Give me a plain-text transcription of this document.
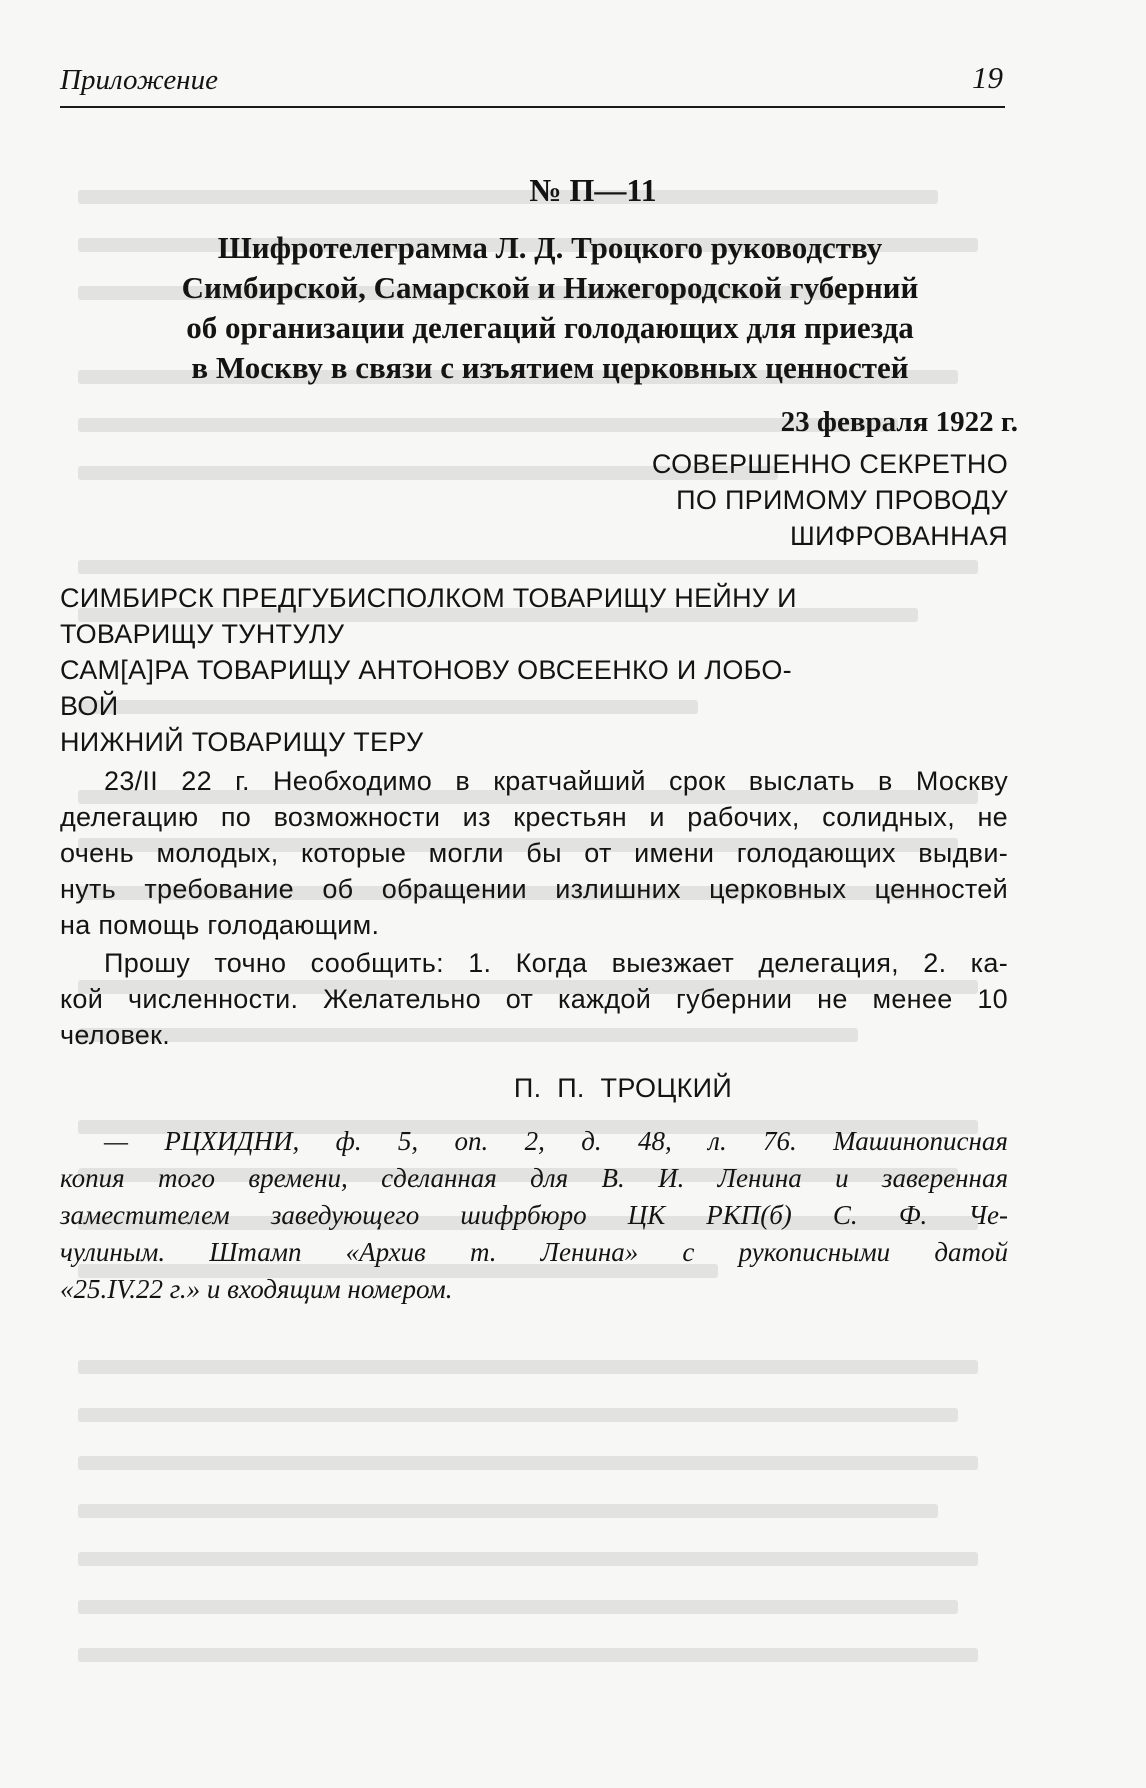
Приложение	19
№ П—11
Шифротелеграмма Л. Д. Троцкого руководству
Симбирской, Самарской и Нижегородской губерний
об организации делегаций голодающих для приезда
в Москву в связи с изъятием церковных ценностей
23 февраля 1922 г.
СОВЕРШЕННО СЕКРЕТНО
ПО ПРИМОМУ ПРОВОДУ
ШИФРОВАННАЯ
СИМБИРСК ПРЕДГУБИСПОЛКОМ ТОВАРИЩУ НЕЙНУ И
ТОВАРИЩУ ТУНТУЛУ
САМ[А]РА ТОВАРИЩУ АНТОНОВУ ОВСЕЕНКО И ЛОБО-
ВОЙ
НИЖНИЙ ТОВАРИЩУ ТЕРУ
23/II 22 г. Необходимо в кратчайший срок выслать в Москву
делегацию по возможности из крестьян и рабочих, солидных, не
очень молодых, которые могли бы от имени голодающих выдви-
нуть требование об обращении излишних церковных ценностей
на помощь голодающим.
Прошу точно сообщить: 1. Когда выезжает делегация, 2. ка-
кой численности. Желательно от каждой губернии не менее 10
человек.
П. П. ТРОЦКИЙ
— РЦХИДНИ, ф. 5, оп. 2, д. 48, л. 76. Машинописная
копия того времени, сделанная для В. И. Ленина и заверенная
заместителем заведующего шифрбюро ЦК РКП(б) С. Ф. Че-
чулиным. Штамп «Архив т. Ленина» с рукописными датой
«25.IV.22 г.» и входящим номером.
